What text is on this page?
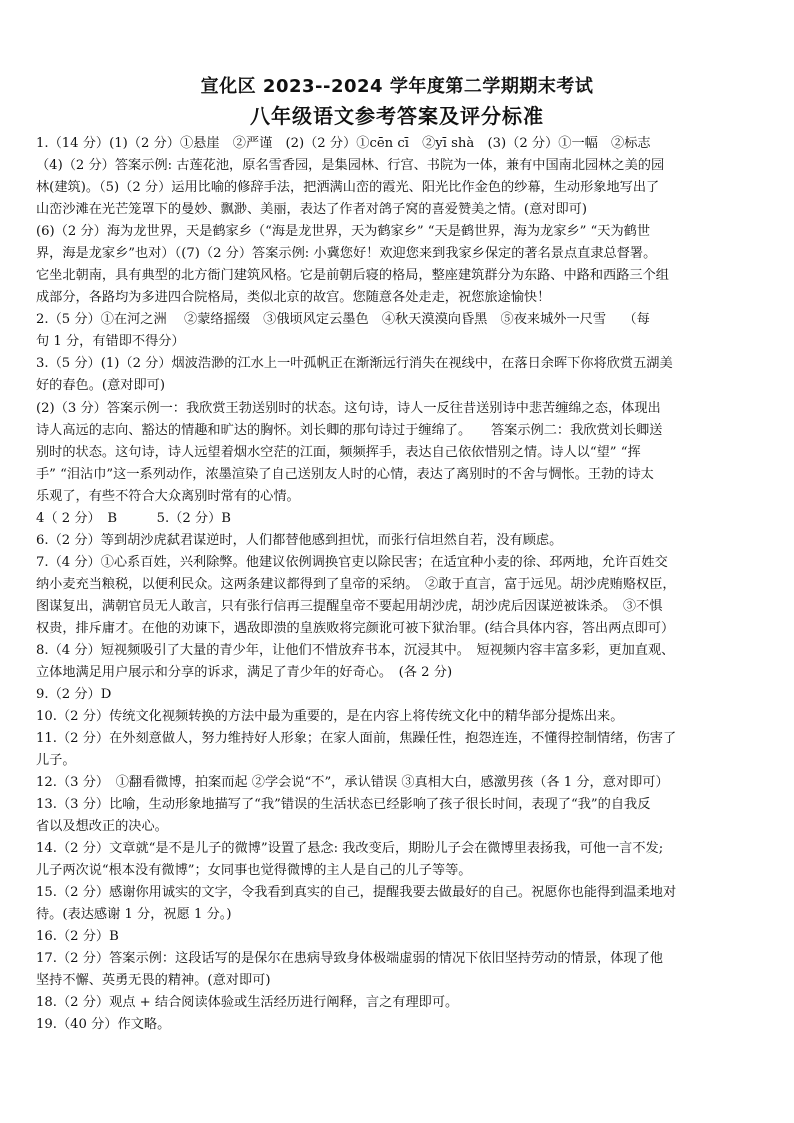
宣化区 2023--2024 学年度第二学期期末考试
八年级语文参考答案及评分标准
1.（14 分）(1)（2 分）①悬崖　②严谨　(2)（2 分）①cēn cī　②yī shà　(3)（2 分）①一幅　②标志
（4)（2 分）答案示例: 古莲花池，原名雪香园，是集园林、行宫、书院为一体，兼有中国南北园林之美的园
林(建筑)。（5)（2 分）运用比喻的修辞手法，把洒满山峦的霞光、阳光比作金色的纱幕，生动形象地写出了
山峦沙滩在光芒笼罩下的曼妙、飘渺、美丽，表达了作者对鸽子窝的喜爱赞美之情。(意对即可)
(6)（2 分）海为龙世界，天是鹤家乡（“海是龙世界，天为鹤家乡” “天是鹤世界，海为龙家乡” “天为鹤世
界，海是龙家乡”也对）（(7)（2 分）答案示例: 小冀您好！欢迎您来到我家乡保定的著名景点直隶总督署。
它坐北朝南，具有典型的北方衙门建筑风格。它是前朝后寝的格局，整座建筑群分为东路、中路和西路三个组
成部分，各路均为多进四合院格局，类似北京的故宫。您随意各处走走，祝您旅途愉快！
2.（5 分）①在河之洲　 ②蒙络摇缀　③俄顷风定云墨色　④秋天漠漠向昏黑　⑤夜来城外一尺雪　 （每
句 1 分，有错即不得分）
3.（5 分）(1)（2 分）烟波浩渺的江水上一叶孤帆正在渐渐远行消失在视线中，在落日余晖下你将欣赏五湖美
好的春色。(意对即可)
(2)（3 分）答案示例一：我欣赏王勃送别时的状态。这句诗，诗人一反往昔送别诗中悲苦缠绵之态，体现出
诗人高远的志向、豁达的情趣和旷达的胸怀。刘长卿的那句诗过于缠绵了。　　答案示例二：我欣赏刘长卿送
别时的状态。这句诗，诗人远望着烟水空茫的江面，频频挥手，表达自己依依惜别之情。诗人以“望” “挥
手” “泪沾巾”这一系列动作，浓墨渲染了自己送别友人时的心情，表达了离别时的不舍与惆怅。王勃的诗太
乐观了，有些不符合大众离别时常有的心情。
4（ 2 分）　B　　　5.（2 分）B
6.（2 分）等到胡沙虎弑君谋逆时，人们都替他感到担忧，而张行信坦然自若，没有顾虑。
7.（4 分）①心系百姓，兴利除弊。他建议依例调换官吏以除民害；在适宜种小麦的徐、邳两地，允许百姓交
纳小麦充当粮税，以便利民众。这两条建议都得到了皇帝的采纳。　②敢于直言，富于远见。胡沙虎贿赂权臣，
图谋复出，满朝官员无人敢言，只有张行信再三提醒皇帝不要起用胡沙虎，胡沙虎后因谋逆被诛杀。　③不惧
权贵，排斥庸才。在他的劝谏下，遇敌即溃的皇族败将完颜讹可被下狱治罪。(结合具体内容，答出两点即可）
8.（4 分）短视频吸引了大量的青少年，让他们不惜放弃书本，沉浸其中。　短视频内容丰富多彩，更加直观、
立体地满足用户展示和分享的诉求，满足了青少年的好奇心。　(各 2 分)
9.（2 分）D
10.（2 分）传统文化视频转换的方法中最为重要的，是在内容上将传统文化中的精华部分提炼出来。
11.（2 分）在外刻意做人，努力维持好人形象；在家人面前，焦躁任性，抱怨连连，不懂得控制情绪，伤害了
儿子。
12.（3 分）　①翻看微博，拍案而起 ②学会说“不”，承认错误 ③真相大白，感激男孩（各 1 分，意对即可）
13.（3 分）比喻，生动形象地描写了“我”错误的生活状态已经影响了孩子很长时间，表现了“我”的自我反
省以及想改正的决心。
14.（2 分）文章就“是不是儿子的微博”设置了悬念: 我改变后，期盼儿子会在微博里表扬我，可他一言不发;
儿子两次说“根本没有微博”；女同事也觉得微博的主人是自己的儿子等等。
15.（2 分）感谢你用诚实的文字，令我看到真实的自己，提醒我要去做最好的自己。祝愿你也能得到温柔地对
待。(表达感谢 1 分，祝愿 1 分。)
16.（2 分）B
17.（2 分）答案示例：这段话写的是保尔在患病导致身体极端虚弱的情况下依旧坚持劳动的情景，体现了他
坚持不懈、英勇无畏的精神。(意对即可)
18.（2 分）观点 + 结合阅读体验或生活经历进行阐释，言之有理即可。
19.（40 分）作文略。
